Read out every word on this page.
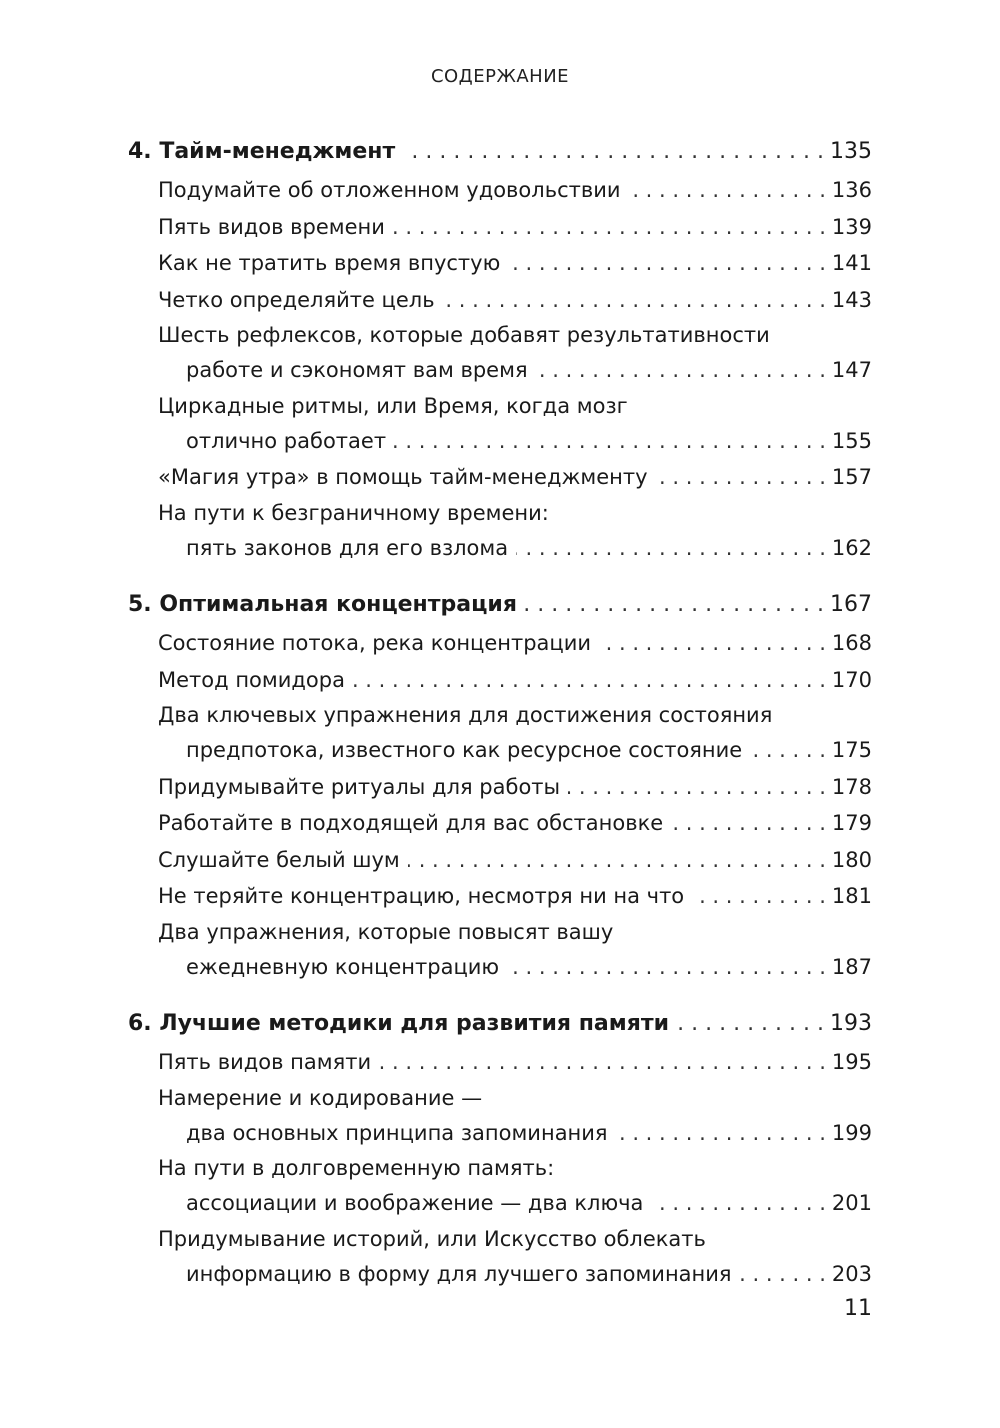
СОДЕРЖАНИЕ
4. Тайм-менеджмент . . .	135
Подумайте об отложенном удовольствии . . .	136
Пять видов времени . . .	139
Как не тратить время впустую . . .	141
Четко определяйте цель . . .	143
Шесть рефлексов, которые добавят результативности
работе и сэкономят вам время . . .	147
Циркадные ритмы, или Время, когда мозг
отлично работает . . .	155
«Магия утра» в помощь тайм-менеджменту . . .	157
На пути к безграничному времени:
пять законов для его взлома . . .	162
5. Оптимальная концентрация . . .	167
Состояние потока, река концентрации . . .	168
Метод помидора . . .	170
Два ключевых упражнения для достижения состояния
предпотока, известного как ресурсное состояние . . .	175
Придумывайте ритуалы для работы . . .	178
Работайте в подходящей для вас обстановке . . .	179
Слушайте белый шум . . .	180
Не теряйте концентрацию, несмотря ни на что . . .	181
Два упражнения, которые повысят вашу
ежедневную концентрацию . . .	187
6. Лучшие методики для развития памяти . . .	193
Пять видов памяти . . .	195
Намерение и кодирование —
два основных принципа запоминания . . .	199
На пути в долговременную память:
ассоциации и воображение — два ключа . . .	201
Придумывание историй, или Искусство облекать
информацию в форму для лучшего запоминания . . .	203
11
